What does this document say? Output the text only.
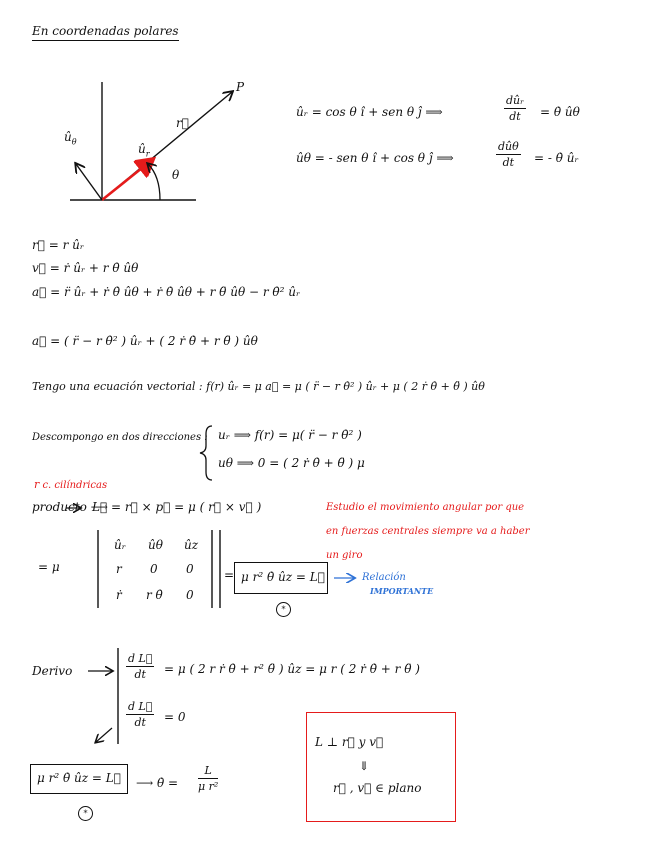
En coordenadas polares
P
r⃗
$û_r$
$û_\theta$
θ
ûᵣ = cos θ î + sen θ ĵ ⟹
dûᵣ
dt	= θ̇ ûθ
ûθ = - sen θ î + cos θ ĵ ⟹
dûθ
dt	= - θ̇ ûᵣ
r⃗ = r ûᵣ
v⃗ = ṙ ûᵣ + r θ̇ ûθ
a⃗ = r̈ ûᵣ + ṙ θ̇ ûθ + ṙ θ̇ ûθ + r θ̈ ûθ − r θ̇² ûᵣ
a⃗ = ( r̈ − r θ̇² ) ûᵣ + ( 2 ṙ θ̇ + r θ̈ ) ûθ
Tengo una ecuación vectorial : f(r) ûᵣ = μ a⃗ = μ ( r̈ − r θ̇² ) ûᵣ + μ ( 2 ṙ θ̇ + θ̈ ) ûθ
Descompongo en dos direcciones : uᵣ ⟹ f(r) = μ( r̈ − r θ̇² )
uθ ⟹ 0 = ( 2 ṙ θ̇ + θ̈ ) μ
r c. cilíndricas
producto ⟶
L⃗ = r⃗ × p⃗ = μ ( r⃗ × v⃗ )	Estudio el movimiento angular por que
en fuerzas centrales siempre va a haber
un giro
= μ
ûᵣ ûθ ûz
r 0 0
ṙ r θ̇ 0
= μ r² θ̇ ûz = L⃗
*
Relación
IMPORTANTE
Derivo	$\frac{\text{d L⃗}}{dt} = \mu$ ( 2 r ṙ θ̇ + r² θ̈ ) ûz = μ r ( 2 ṙ θ̇ + r θ̈ )
$\frac{\text{d L⃗}}{dt} = 0$
μ r² θ̇ ûz = L⃗
*
⟶ θ̇ = $\frac{L}{\text{μ r²}}$
L ⊥ r⃗ y v⃗
⇓
r⃗ , v⃗ ∈ plano
